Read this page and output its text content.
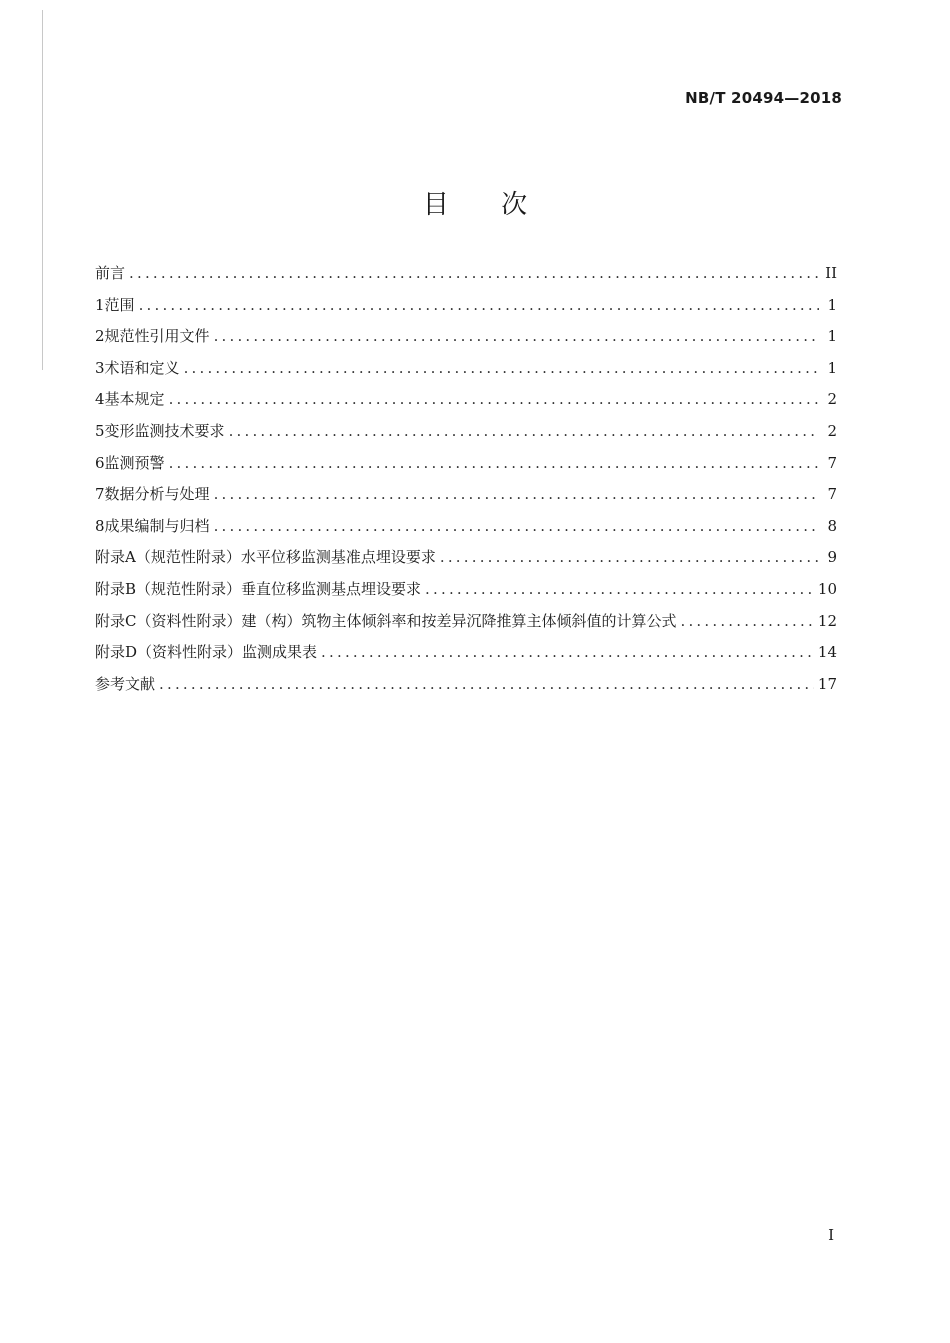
NB/T 20494—2018
目 次
前言 .....	II
1 范围 .....	1
2 规范性引用文件 .....	1
3 术语和定义 .....	1
4 基本规定 .....	2
5 变形监测技术要求 .....	2
6 监测预警 .....	7
7 数据分析与处理 .....	7
8 成果编制与归档 .....	8
附录A（规范性附录） 水平位移监测基准点埋设要求 .....	9
附录B（规范性附录） 垂直位移监测基点埋设要求 .....	10
附录C（资料性附录） 建（构）筑物主体倾斜率和按差异沉降推算主体倾斜值的计算公式 .....	12
附录D（资料性附录） 监测成果表 .....	14
参考文献 .....	17
I
